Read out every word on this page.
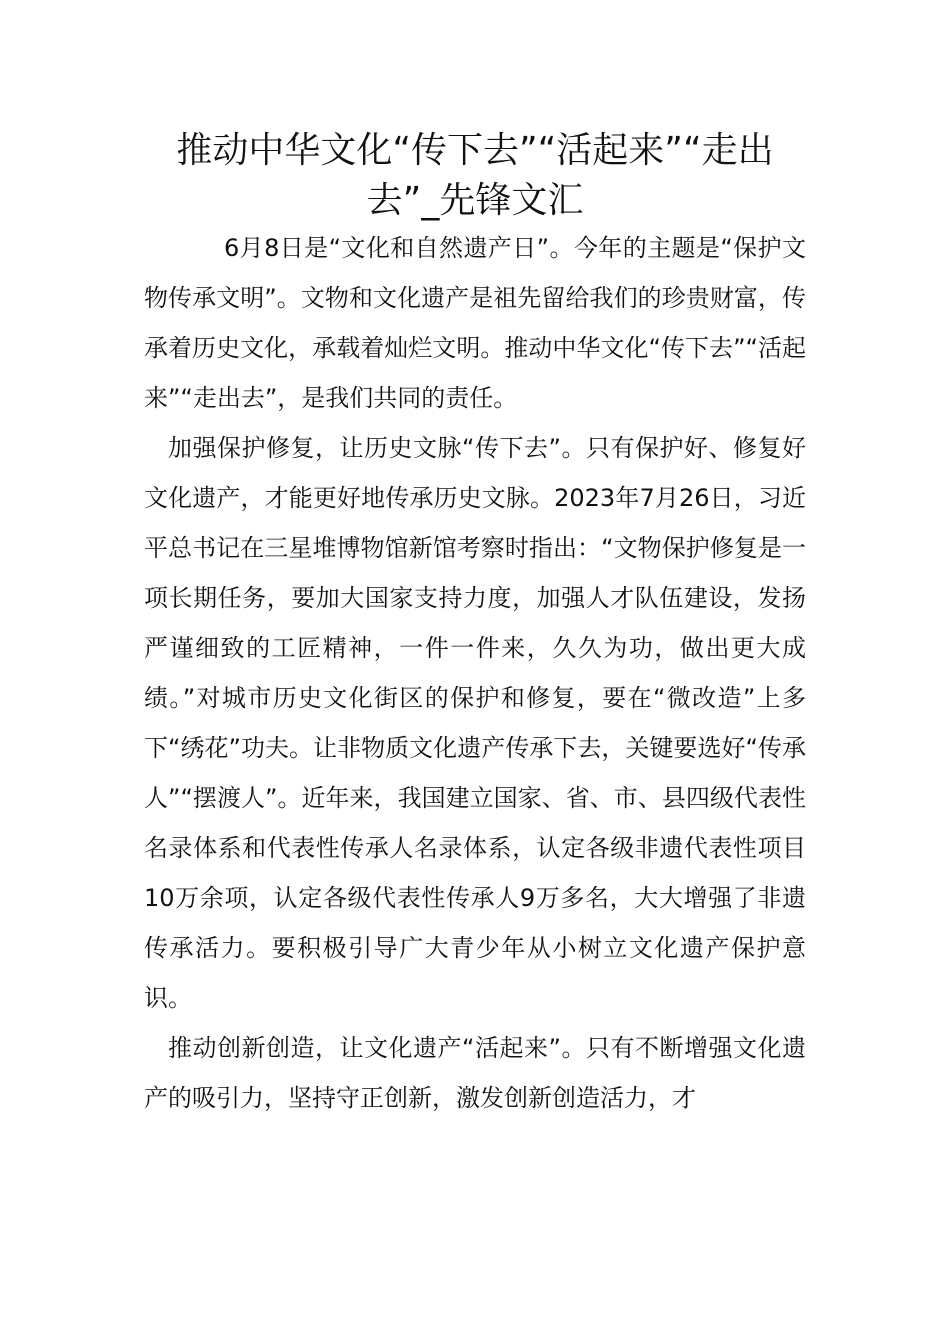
推动中华文化“传下去”“活起来”“走出去”_先锋文汇

6月8日是“文化和自然遗产日”。今年的主题是“保护文物传承文明”。文物和文化遗产是祖先留给我们的珍贵财富，传承着历史文化，承载着灿烂文明。推动中华文化“传下去”“活起来”“走出去”，是我们共同的责任。

加强保护修复，让历史文脉“传下去”。只有保护好、修复好文化遗产，才能更好地传承历史文脉。2023年7月26日，习近平总书记在三星堆博物馆新馆考察时指出：“文物保护修复是一项长期任务，要加大国家支持力度，加强人才队伍建设，发扬严谨细致的工匠精神，一件一件来，久久为功，做出更大成绩。”对城市历史文化街区的保护和修复，要在“微改造”上多下“绣花”功夫。让非物质文化遗产传承下去，关键要选好“传承人”“摆渡人”。近年来，我国建立国家、省、市、县四级代表性名录体系和代表性传承人名录体系，认定各级非遗代表性项目10万余项，认定各级代表性传承人9万多名，大大增强了非遗传承活力。要积极引导广大青少年从小树立文化遗产保护意识。

推动创新创造，让文化遗产“活起来”。只有不断增强文化遗产的吸引力，坚持守正创新，激发创新创造活力，才
